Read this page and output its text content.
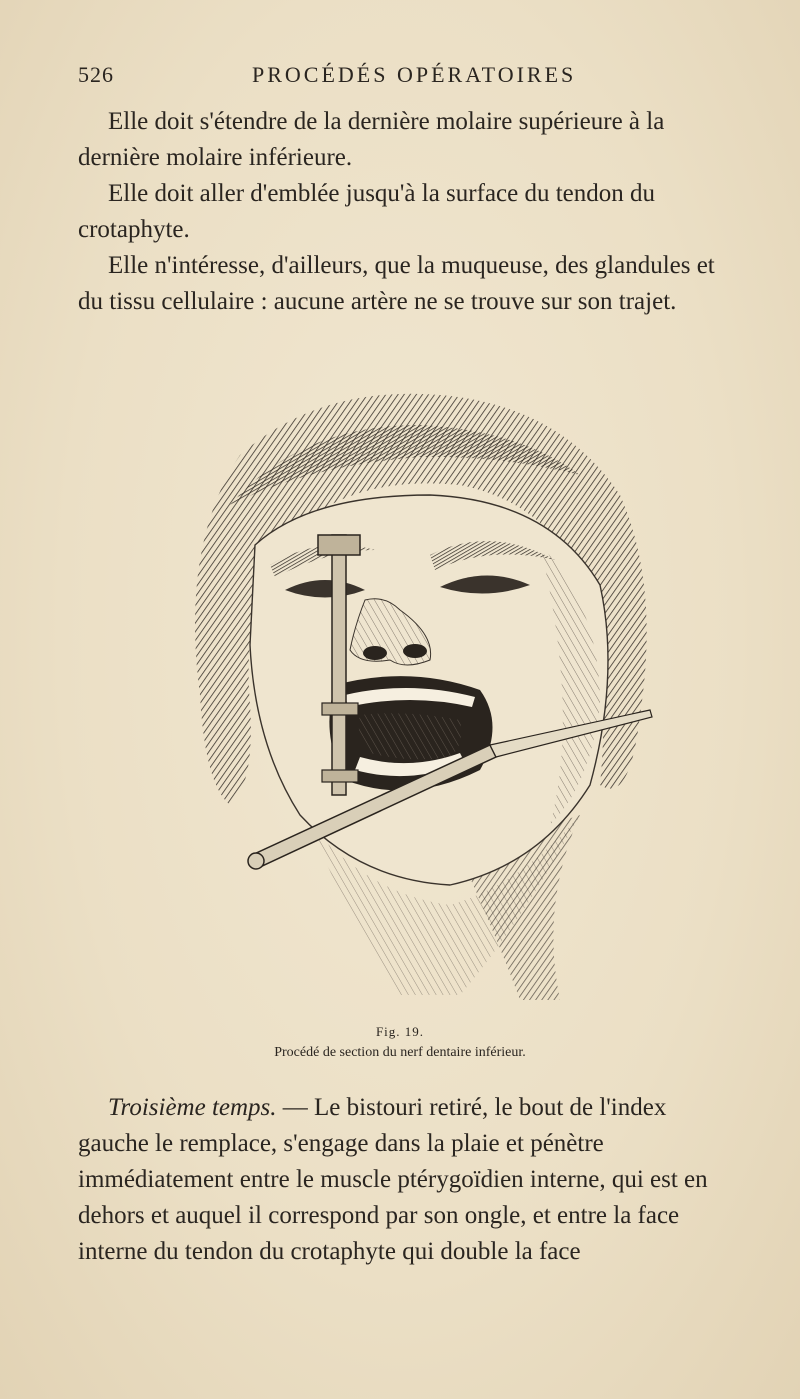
526	PROCÉDÉS OPÉRATOIRES

Elle doit s'étendre de la dernière molaire supérieure à la dernière molaire inférieure.

Elle doit aller d'emblée jusqu'à la surface du tendon du crotaphyte.

Elle n'intéresse, d'ailleurs, que la muqueuse, des glandules et du tissu cellulaire : aucune artère ne se trouve sur son trajet.

Fig. 19.
Procédé de section du nerf dentaire inférieur.

Troisième temps. — Le bistouri retiré, le bout de l'index gauche le remplace, s'engage dans la plaie et pénètre immédiatement entre le muscle ptérygoïdien interne, qui est en dehors et auquel il correspond par son ongle, et entre la face interne du tendon du crotaphyte qui double la face
